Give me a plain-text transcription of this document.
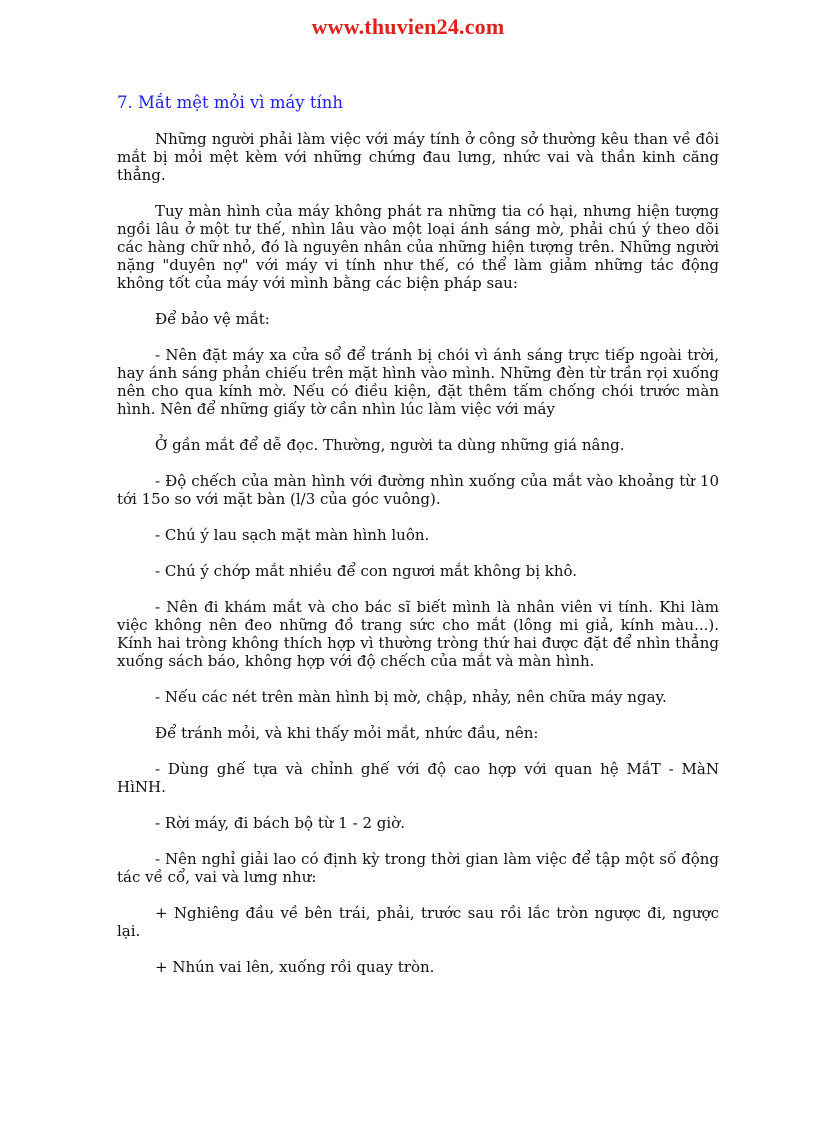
www.thuvien24.com
7. Mắt mệt mỏi vì máy tính

Những người phải làm việc với máy tính ở công sở thường kêu than về đôi mắt bị mỏi mệt kèm với những chứng đau lưng, nhức vai và thần kinh căng thẳng.

Tuy màn hình của máy không phát ra những tia có hại, nhưng hiện tượng ngồi lâu ở một tư thế, nhìn lâu vào một loại ánh sáng mờ, phải chú ý theo dõi các hàng chữ nhỏ, đó là nguyên nhân của những hiện tượng trên. Những người nặng "duyên nợ" với máy vi tính như thế, có thể làm giảm những tác động không tốt của máy với mình bằng các biện pháp sau:

Để bảo vệ mắt:

- Nên đặt máy xa cửa sổ để tránh bị chói vì ánh sáng trực tiếp ngoài trời, hay ánh sáng phản chiếu trên mặt hình vào mình. Những đèn từ trần rọi xuống nên cho qua kính mờ. Nếu có điều kiện, đặt thêm tấm chống chói trước màn hình. Nên để những giấy tờ cần nhìn lúc làm việc với máy

Ở gần mắt để dễ đọc. Thường, người ta dùng những giá nâng.

- Độ chếch của màn hình với đường nhìn xuống của mắt vào khoảng từ 10 tới 15o so với mặt bàn (l/3 của góc vuông).

- Chú ý lau sạch mặt màn hình luôn.

- Chú ý chớp mắt nhiều để con ngươi mắt không bị khô.

- Nên đi khám mắt và cho bác sĩ biết mình là nhân viên vi tính. Khi làm việc không nên đeo những đồ trang sức cho mắt (lông mi giả, kính màu...). Kính hai tròng không thích hợp vì thường tròng thứ hai được đặt để nhìn thẳng xuống sách báo, không hợp với độ chếch của mắt và màn hình.

- Nếu các nét trên màn hình bị mờ, chập, nhảy, nên chữa máy ngay.

Để tránh mỏi, và khi thấy mỏi mắt, nhức đầu, nên:

- Dùng ghế tựa và chỉnh ghế với độ cao hợp với quan hệ MắT - MàN HìNH.

- Rời máy, đi bách bộ từ 1 - 2 giờ.

- Nên nghỉ giải lao có định kỳ trong thời gian làm việc để tập một số động tác về cổ, vai và lưng như:

+ Nghiêng đầu về bên trái, phải, trước sau rồi lắc tròn ngược đi, ngược lại.

+ Nhún vai lên, xuống rồi quay tròn.
